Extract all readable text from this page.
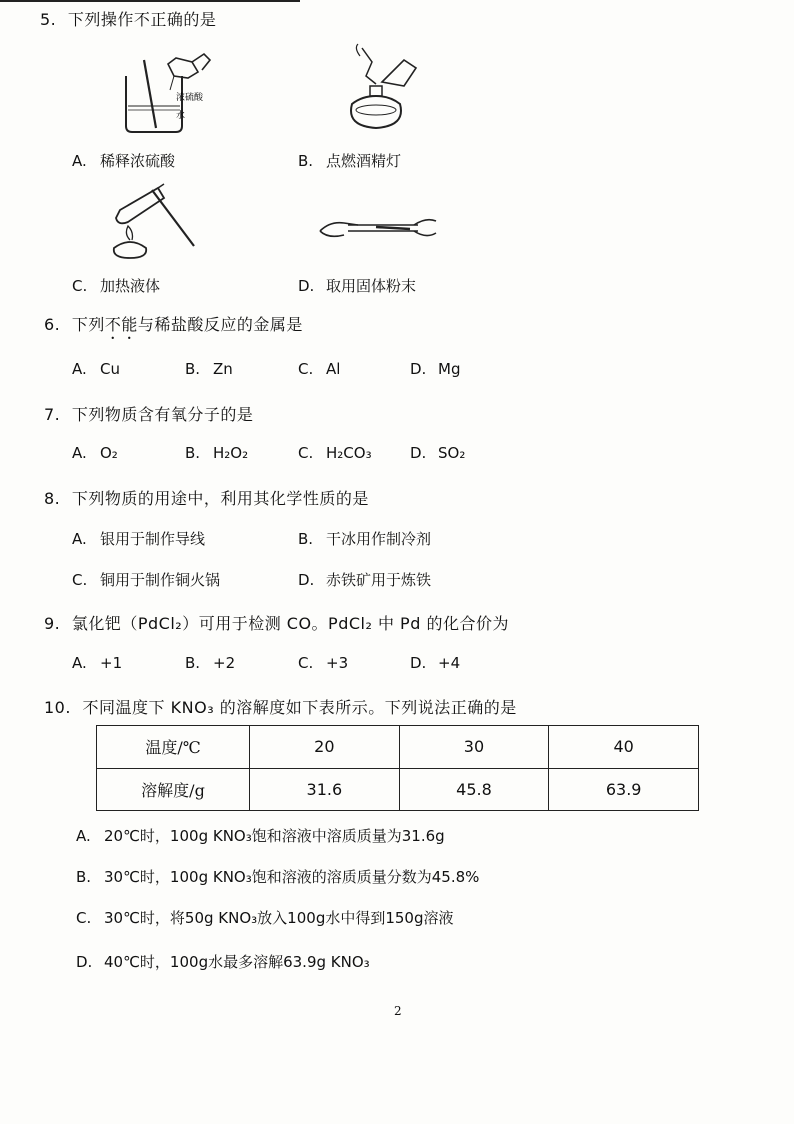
5. 下列操作不正确的是
浓硫酸
水
A. 稀释浓硫酸	B. 点燃酒精灯
C. 加热液体	D. 取用固体粉末
6. 下列不能与稀盐酸反应的金属是
A. Cu	B. Zn	C. Al	D. Mg
7. 下列物质含有氧分子的是
A. O₂	B. H₂O₂	C. H₂CO₃	D. SO₂
8. 下列物质的用途中，利用其化学性质的是
A. 银用于制作导线	B. 干冰用作制冷剂
C. 铜用于制作铜火锅	D. 赤铁矿用于炼铁
9. 氯化钯（PdCl₂）可用于检测 CO。PdCl₂ 中 Pd 的化合价为
A. +1	B. +2	C. +3	D. +4
10. 不同温度下 KNO₃ 的溶解度如下表所示。下列说法正确的是
温度/℃	20	30	40
溶解度/g	31.6	45.8	63.9
A. 20℃时，100g KNO₃饱和溶液中溶质质量为31.6g
B. 30℃时，100g KNO₃饱和溶液的溶质质量分数为45.8%
C. 30℃时，将50g KNO₃放入100g水中得到150g溶液
D. 40℃时，100g水最多溶解63.9g KNO₃
2
